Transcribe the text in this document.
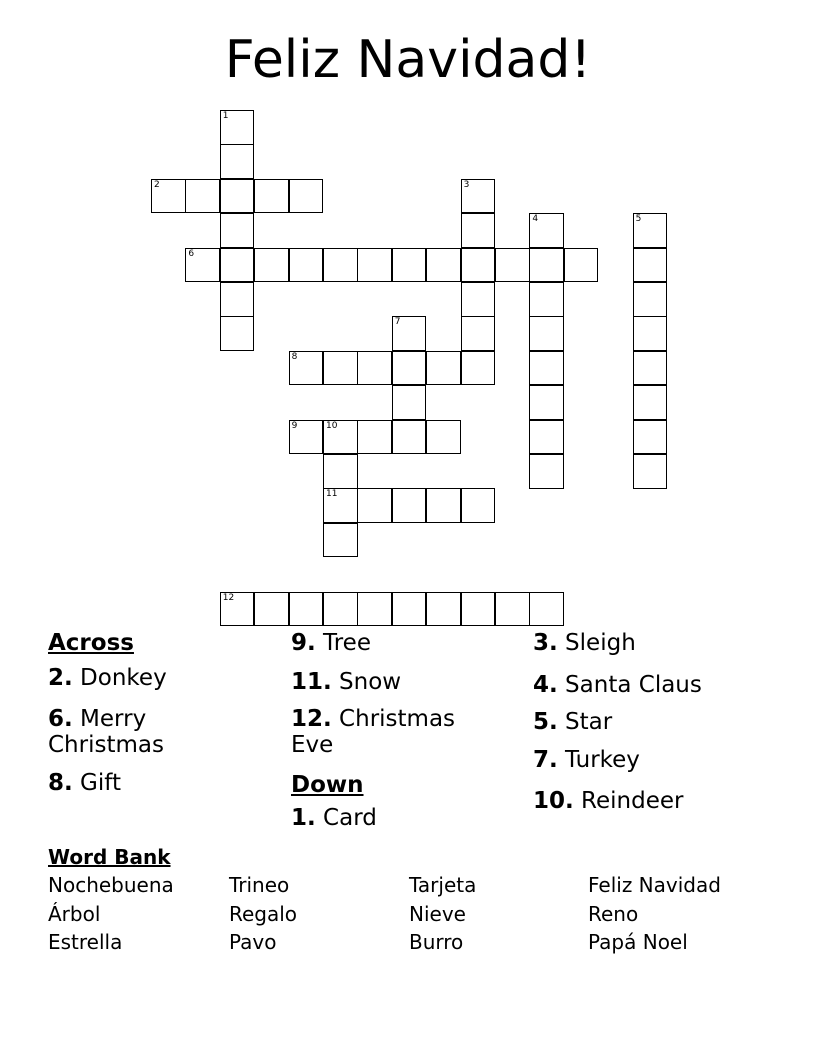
Feliz Navidad!
1
2	3
4	5
6
7
8
9	10
11
12
Across
2. Donkey
6. Merry Christmas
8. Gift
9. Tree
11. Snow
12. Christmas Eve
Down
1. Card
3. Sleigh
4. Santa Claus
5. Star
7. Turkey
10. Reindeer
Word Bank
Nochebuena	Trineo	Tarjeta	Feliz Navidad
Árbol	Regalo	Nieve	Reno
Estrella	Pavo	Burro	Papá Noel
